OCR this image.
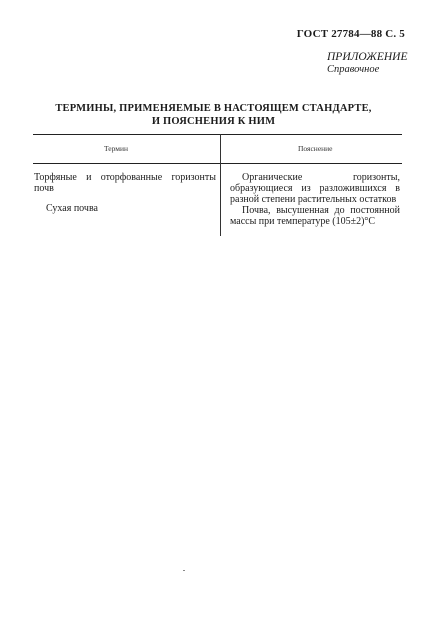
ГОСТ 27784—88 С. 5
ПРИЛОЖЕНИЕ
Справочное
ТЕРМИНЫ, ПРИМЕНЯЕМЫЕ В НАСТОЯЩЕМ СТАНДАРТЕ,
И ПОЯСНЕНИЯ К НИМ
Термин	Пояснение
Торфяные и оторфованные горизонты почв
Органические горизонты, образующиеся из разложившихся в разной степени растительных остатков
Сухая почва	Почва, высушенная до постоянной массы при температуре (105±2)°С
